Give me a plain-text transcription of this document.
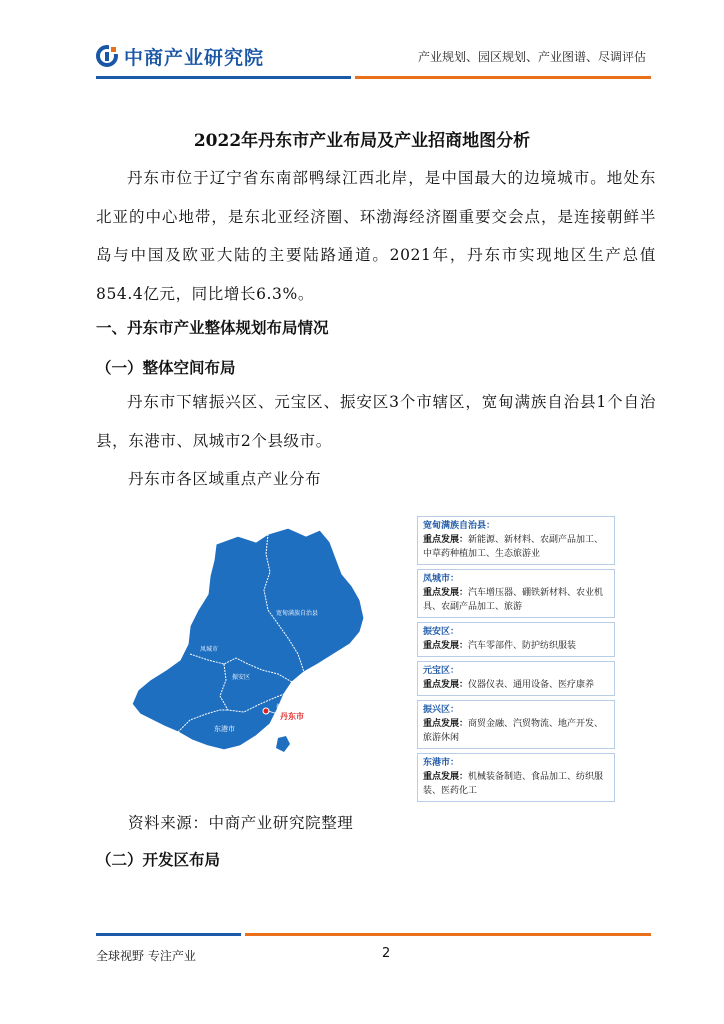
中商产业研究院	产业规划、园区规划、产业图谱、尽调评估
2022年丹东市产业布局及产业招商地图分析
丹东市位于辽宁省东南部鸭绿江西北岸，是中国最大的边境城市。地处东北亚的中心地带，是东北亚经济圈、环渤海经济圈重要交会点，是连接朝鲜半岛与中国及欧亚大陆的主要陆路通道。2021年，丹东市实现地区生产总值854.4亿元，同比增长6.3%。
一、丹东市产业整体规划布局情况
（一）整体空间布局
丹东市下辖振兴区、元宝区、振安区3个市辖区，宽甸满族自治县1个自治县，东港市、凤城市2个县级市。
丹东市各区域重点产业分布
宽甸满族自治县
凤城市
振安区
振兴区
丹东市
东港市
宽甸满族自治县：
重点发展：新能源、新材料、农副产品加工、中草药种植加工、生态旅游业
凤城市：
重点发展：汽车增压器、硼铁新材料、农业机具、农副产品加工、旅游
振安区：
重点发展：汽车零部件、防护纺织服装
元宝区：
重点发展：仪器仪表、通用设备、医疗康养
振兴区：
重点发展：商贸金融、汽贸物流、地产开发、旅游休闲
东港市：
重点发展：机械装备制造、食品加工、纺织服装、医药化工
资料来源：中商产业研究院整理
（二）开发区布局
全球视野 专注产业	2
